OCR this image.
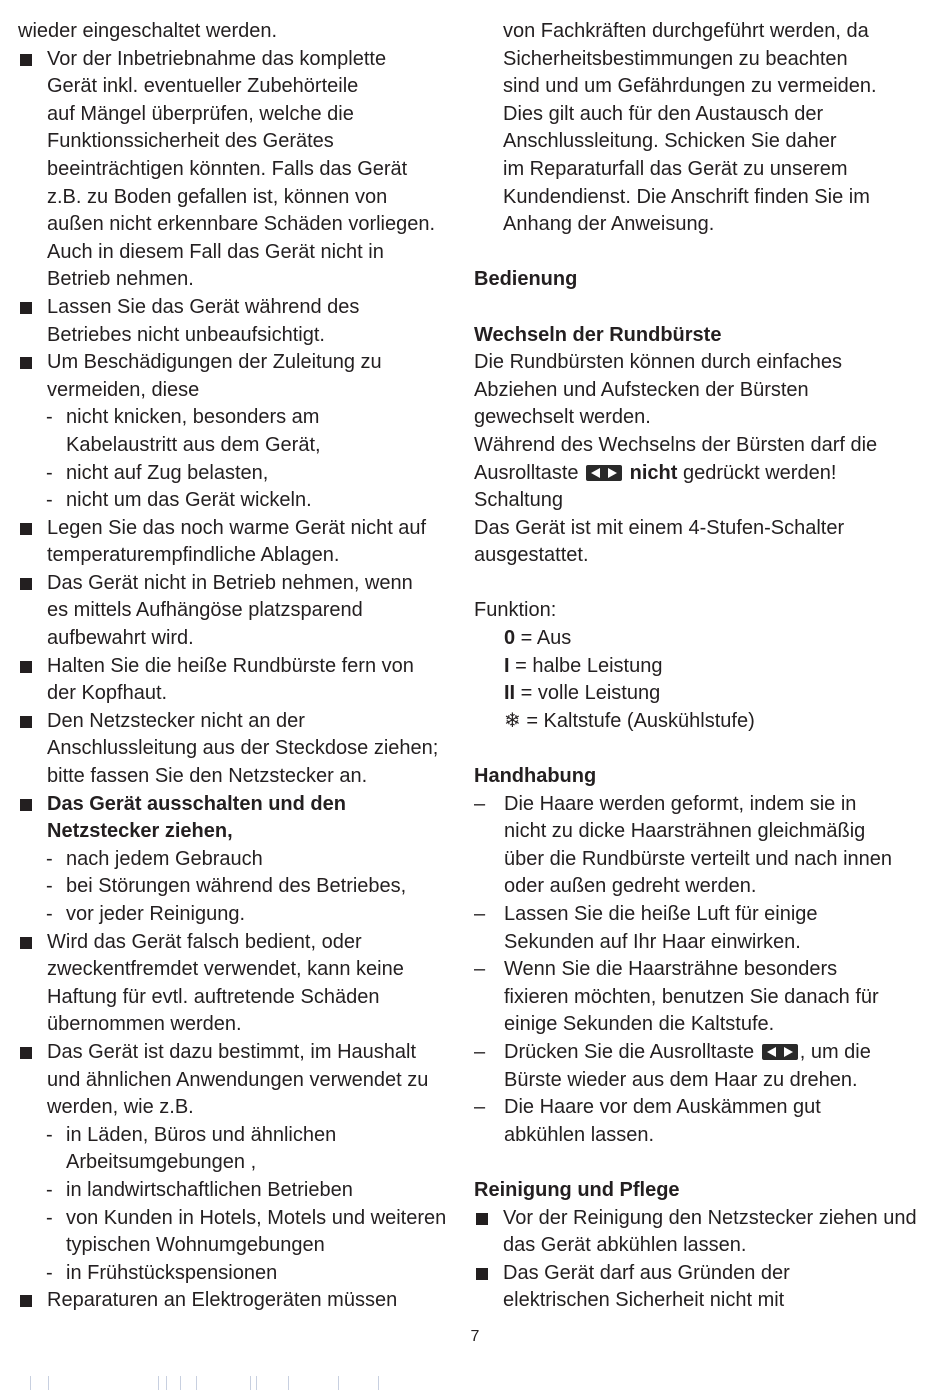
wieder eingeschaltet werden.
Vor der Inbetriebnahme das komplette
Gerät inkl. eventueller Zubehörteile
auf Mängel überprüfen, welche die
Funktionssicherheit des Gerätes
beeinträchtigen könnten. Falls das Gerät
z.B. zu Boden gefallen ist, können von
außen nicht erkennbare Schäden vorliegen.
Auch in diesem Fall das Gerät nicht in
Betrieb nehmen.
Lassen Sie das Gerät während des
Betriebes nicht unbeaufsichtigt.
Um Beschädigungen der Zuleitung zu
vermeiden, diese
- nicht knicken, besonders am
Kabelaustritt aus dem Gerät,
- nicht auf Zug belasten,
- nicht um das Gerät wickeln.
Legen Sie das noch warme Gerät nicht auf
temperaturempfindliche Ablagen.
Das Gerät nicht in Betrieb nehmen, wenn
es mittels Aufhängöse platzsparend
aufbewahrt wird.
Halten Sie die heiße Rundbürste fern von
der Kopfhaut.
Den Netzstecker nicht an der
Anschlussleitung aus der Steckdose ziehen;
bitte fassen Sie den Netzstecker an.
Das Gerät ausschalten und den
Netzstecker ziehen,
- nach jedem Gebrauch
- bei Störungen während des Betriebes,
- vor jeder Reinigung.
Wird das Gerät falsch bedient, oder
zweckentfremdet verwendet, kann keine
Haftung für evtl. auftretende Schäden
übernommen werden.
Das Gerät ist dazu bestimmt, im Haushalt
und ähnlichen Anwendungen verwendet zu
werden, wie z.B.
- in Läden, Büros und ähnlichen
Arbeitsumgebungen ,
- in landwirtschaftlichen Betrieben
- von Kunden in Hotels, Motels und weiteren
typischen Wohnumgebungen
- in Frühstückspensionen
Reparaturen an Elektrogeräten müssen
von Fachkräften durchgeführt werden, da
Sicherheitsbestimmungen zu beachten
sind und um Gefährdungen zu vermeiden.
Dies gilt auch für den Austausch der
Anschlussleitung. Schicken Sie daher
im Reparaturfall das Gerät zu unserem
Kundendienst. Die Anschrift finden Sie im
Anhang der Anweisung.
Bedienung
Wechseln der Rundbürste
Die Rundbürsten können durch einfaches
Abziehen und Aufstecken der Bürsten
gewechselt werden.
Während des Wechselns der Bürsten darf die
Ausrolltaste	nicht gedrückt werden!
Schaltung
Das Gerät ist mit einem 4-Stufen-Schalter
ausgestattet.
Funktion:
0 = Aus
I = halbe Leistung
II = volle Leistung
❄ = Kaltstufe (Auskühlstufe)
Handhabung
– Die Haare werden geformt, indem sie in
nicht zu dicke Haarsträhnen gleichmäßig
über die Rundbürste verteilt und nach innen
oder außen gedreht werden.
– Lassen Sie die heiße Luft für einige
Sekunden auf Ihr Haar einwirken.
– Wenn Sie die Haarsträhne besonders
fixieren möchten, benutzen Sie danach für
einige Sekunden die Kaltstufe.
– Drücken Sie die Ausrolltaste , um die
Bürste wieder aus dem Haar zu drehen.
– Die Haare vor dem Auskämmen gut
abkühlen lassen.
Reinigung und Pflege
Vor der Reinigung den Netzstecker ziehen und
das Gerät abkühlen lassen.
Das Gerät darf aus Gründen der
elektrischen Sicherheit nicht mit
7
